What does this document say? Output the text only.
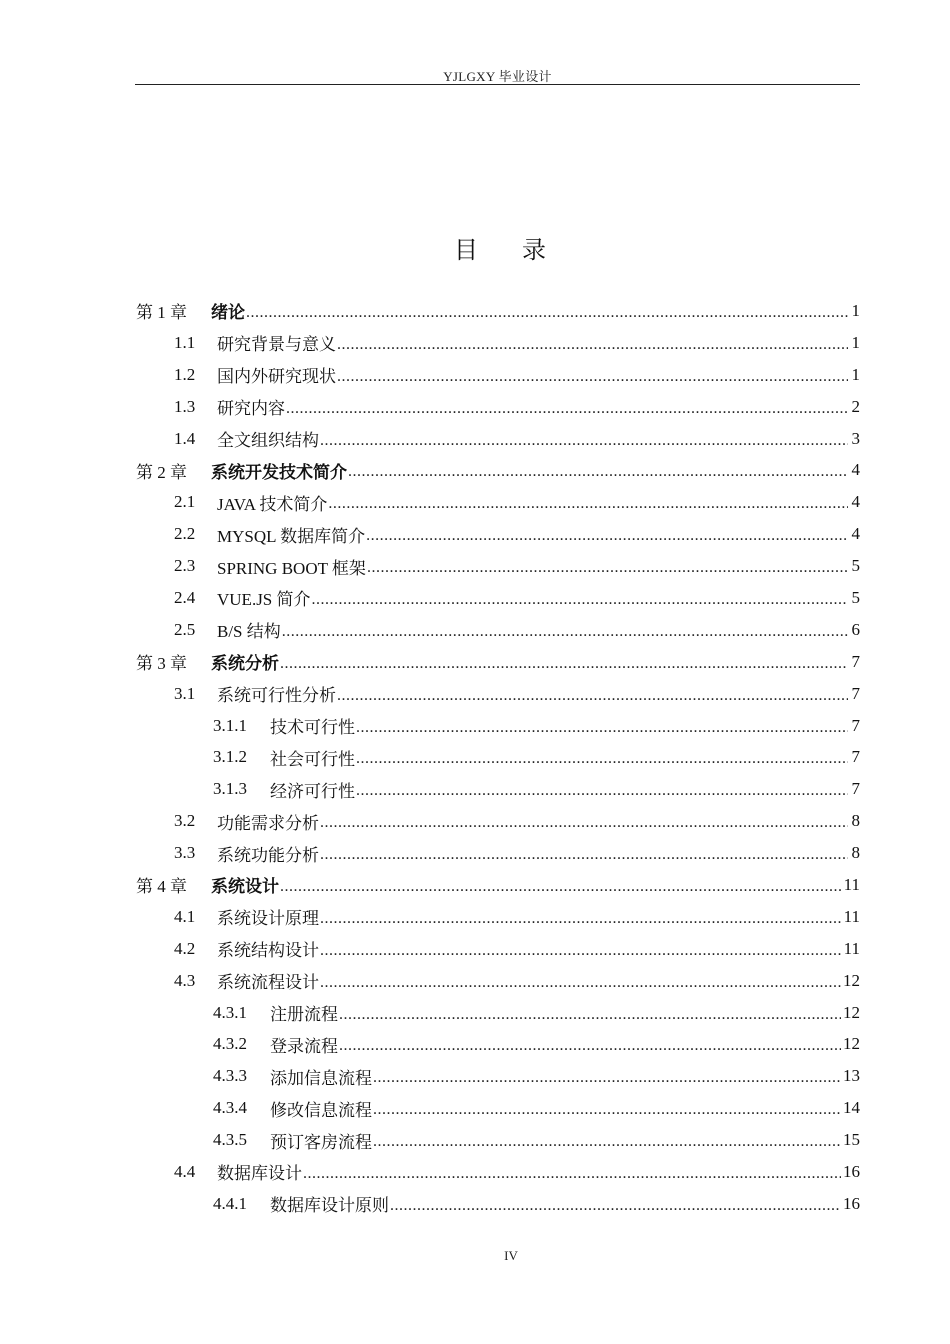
YJLGXY 毕业设计
目 录
第 1 章	绪论 .....	1
1.1	研究背景与意义 .....	1
1.2	国内外研究现状 .....	1
1.3	研究内容 .....	2
1.4	全文组织结构 .....	3
第 2 章	系统开发技术简介 .....	4
2.1	JAVA 技术简介 .....	4
2.2	MYSQL 数据库简介 .....	4
2.3	SPRING BOOT 框架 .....	5
2.4	VUE.JS 简介 .....	5
2.5	B/S 结构 .....	6
第 3 章	系统分析 .....	7
3.1	系统可行性分析 .....	7
3.1.1	技术可行性 .....	7
3.1.2	社会可行性 .....	7
3.1.3	经济可行性 .....	7
3.2	功能需求分析 .....	8
3.3	系统功能分析 .....	8
第 4 章	系统设计 .....	11
4.1	系统设计原理 .....	11
4.2	系统结构设计 .....	11
4.3	系统流程设计 .....	12
4.3.1	注册流程 .....	12
4.3.2	登录流程 .....	12
4.3.3	添加信息流程 .....	13
4.3.4	修改信息流程 .....	14
4.3.5	预订客房流程 .....	15
4.4	数据库设计 .....	16
4.4.1	数据库设计原则 .....	16
IV
